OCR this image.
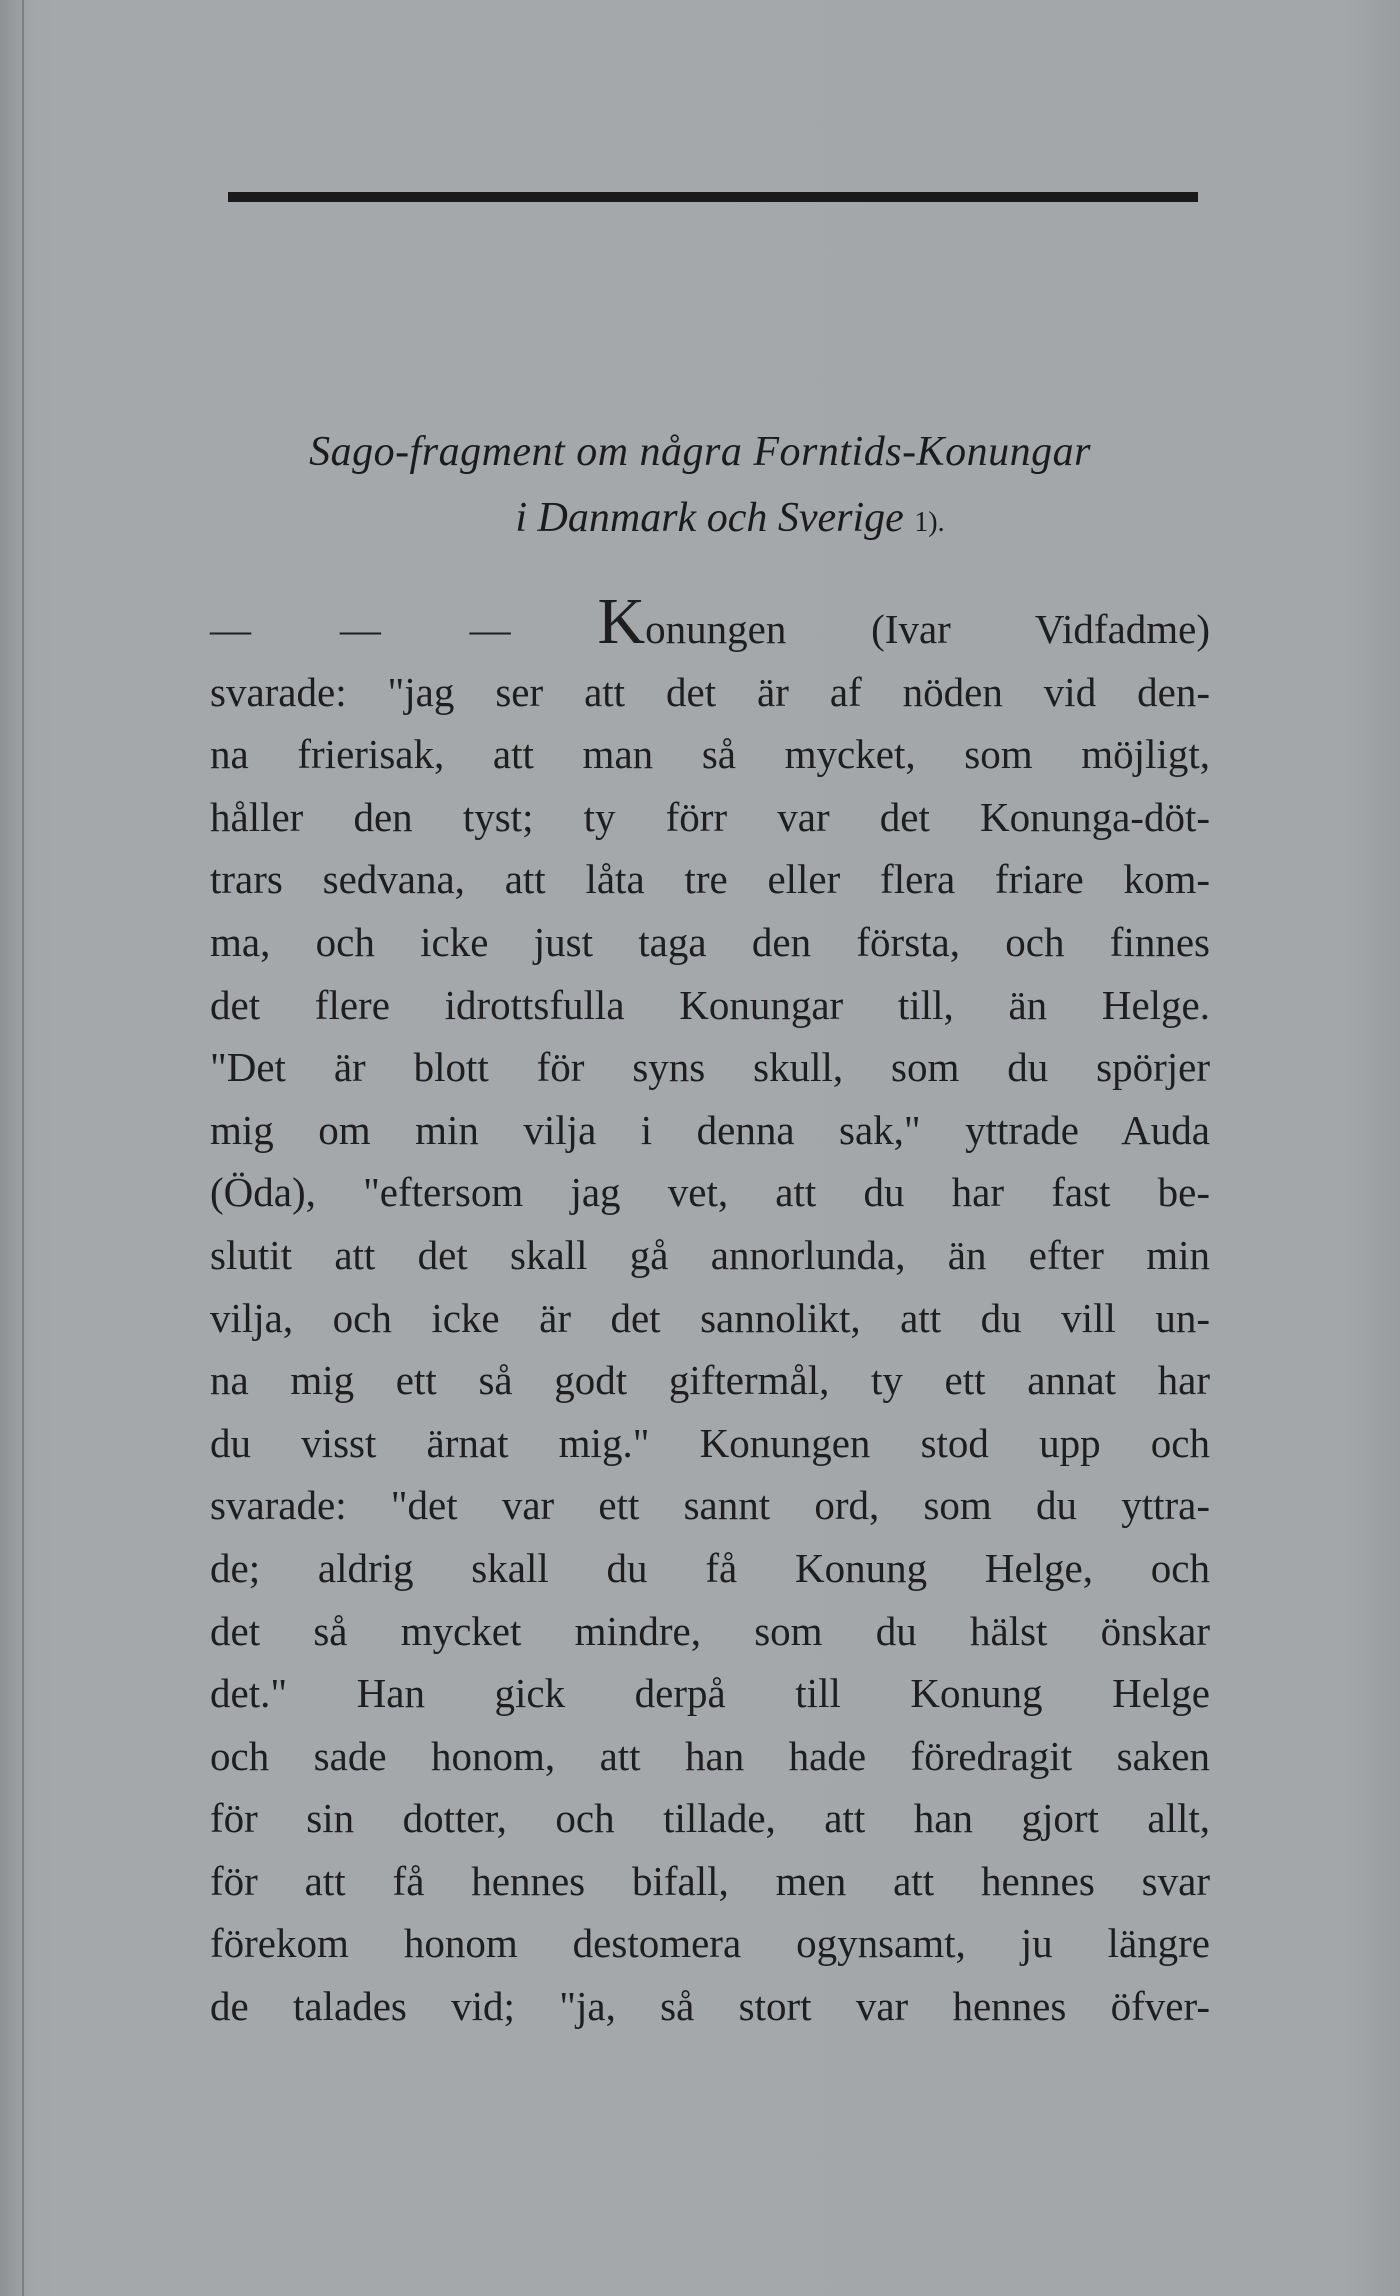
Sago-fragment om några Forntids-Konungar
i Danmark och Sverige 1).
— — — Konungen (Ivar Vidfadme)
svarade: "jag ser att det är af nöden vid den-
na frierisak, att man så mycket, som möjligt,
håller den tyst; ty förr var det Konunga-döt-
trars sedvana, att låta tre eller flera friare kom-
ma, och icke just taga den första, och finnes
det flere idrottsfulla Konungar till, än Helge.
"Det är blott för syns skull, som du spörjer
mig om min vilja i denna sak," yttrade Auda
(Öda), "eftersom jag vet, att du har fast be-
slutit att det skall gå annorlunda, än efter min
vilja, och icke är det sannolikt, att du vill un-
na mig ett så godt giftermål, ty ett annat har
du visst ärnat mig." Konungen stod upp och
svarade: "det var ett sannt ord, som du yttra-
de; aldrig skall du få Konung Helge, och
det så mycket mindre, som du hälst önskar
det." Han gick derpå till Konung Helge
och sade honom, att han hade föredragit saken
för sin dotter, och tillade, att han gjort allt,
för att få hennes bifall, men att hennes svar
förekom honom destomera ogynsamt, ju längre
de talades vid; "ja, så stort var hennes öfver-
